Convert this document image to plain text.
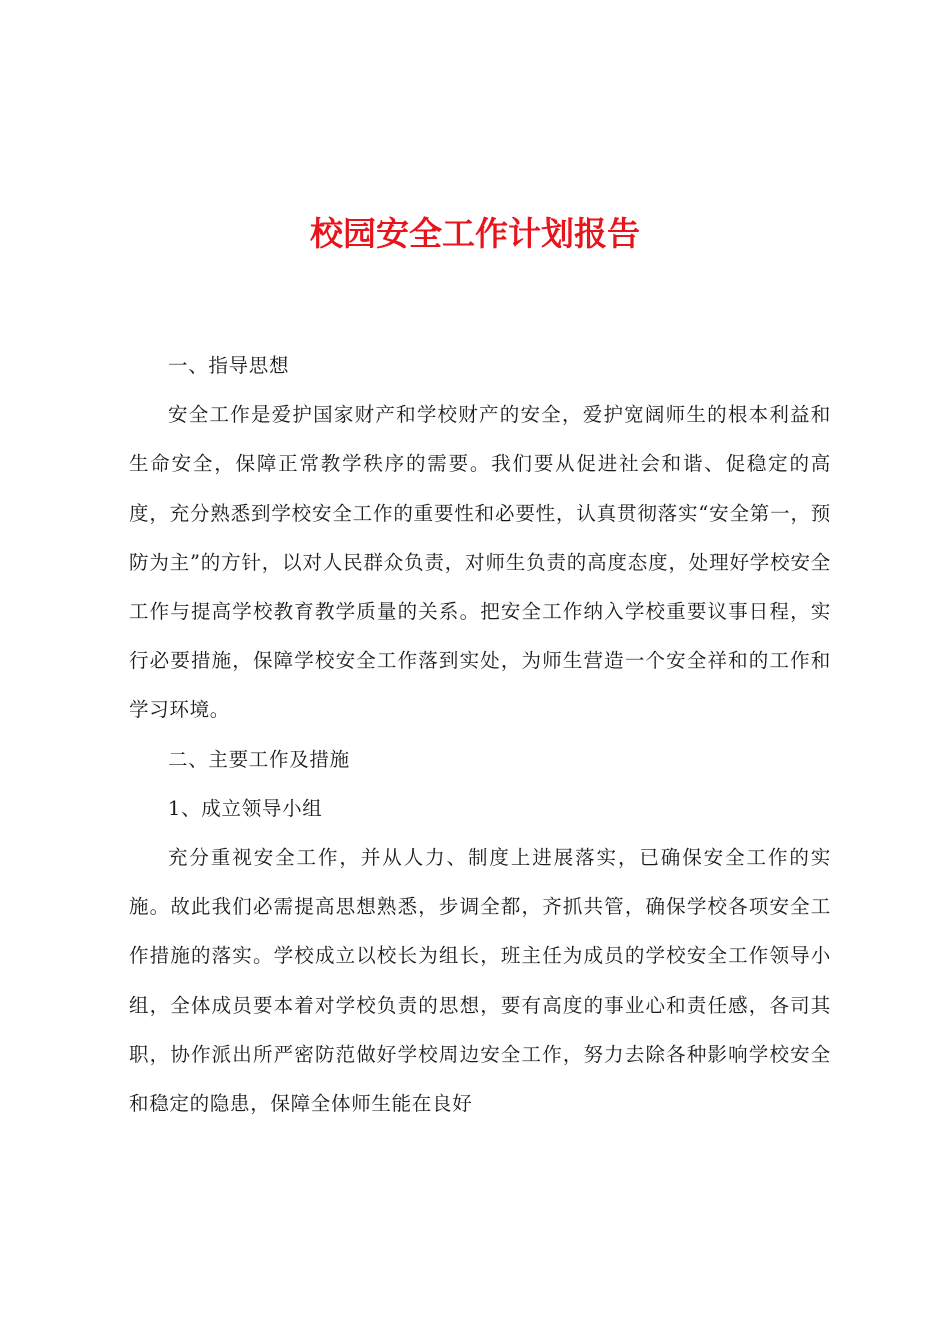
校园安全工作计划报告

一、指导思想

安全工作是爱护国家财产和学校财产的安全，爱护宽阔师生的根本利益和生命安全，保障正常教学秩序的需要。我们要从促进社会和谐、促稳定的高度，充分熟悉到学校安全工作的重要性和必要性，认真贯彻落实“安全第一，预防为主”的方针，以对人民群众负责，对师生负责的高度态度，处理好学校安全工作与提高学校教育教学质量的关系。把安全工作纳入学校重要议事日程，实行必要措施，保障学校安全工作落到实处，为师生营造一个安全祥和的工作和学习环境。

二、主要工作及措施

1、成立领导小组

充分重视安全工作，并从人力、制度上进展落实，已确保安全工作的实施。故此我们必需提高思想熟悉，步调全都，齐抓共管，确保学校各项安全工作措施的落实。学校成立以校长为组长，班主任为成员的学校安全工作领导小组，全体成员要本着对学校负责的思想，要有高度的事业心和责任感，各司其职，协作派出所严密防范做好学校周边安全工作，努力去除各种影响学校安全和稳定的隐患，保障全体师生能在良好
